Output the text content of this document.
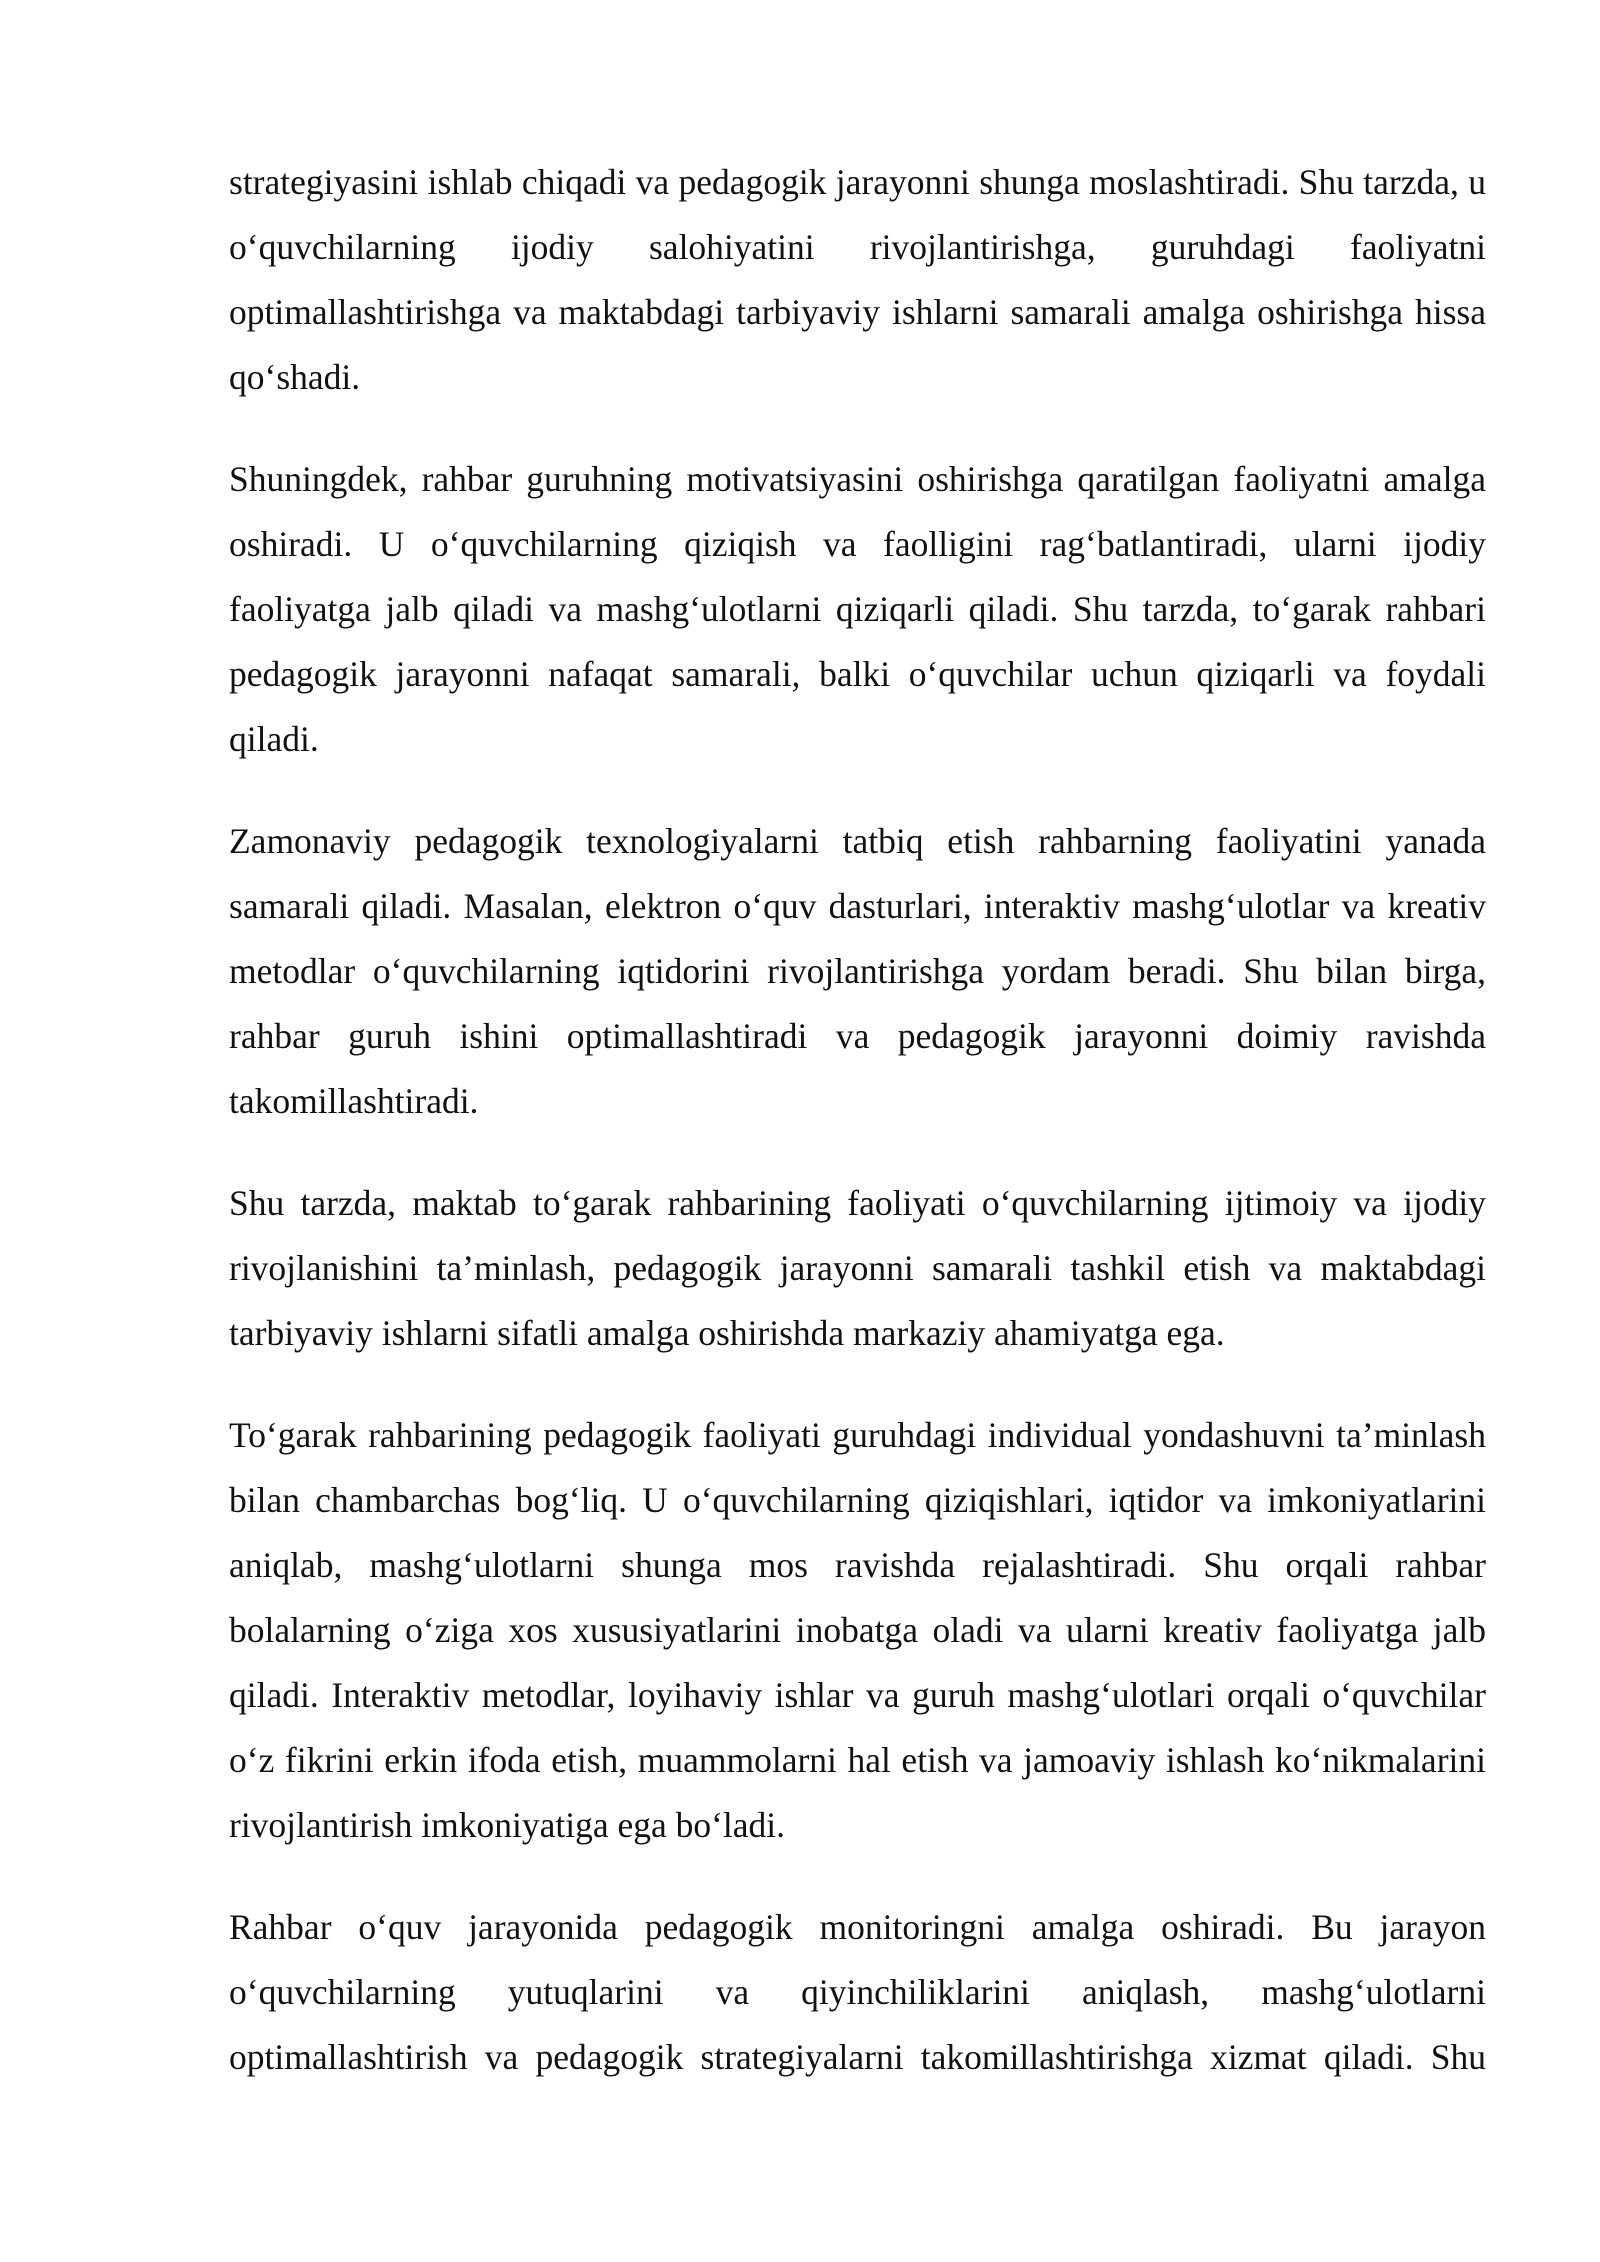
strategiyasini ishlab chiqadi va pedagogik jarayonni shunga moslashtiradi. Shu tarzda, u o‘quvchilarning ijodiy salohiyatini rivojlantirishga, guruhdagi faoliyatni optimallashtirishga va maktabdagi tarbiyaviy ishlarni samarali amalga oshirishga hissa qo‘shadi.

Shuningdek, rahbar guruhning motivatsiyasini oshirishga qaratilgan faoliyatni amalga oshiradi. U o‘quvchilarning qiziqish va faolligini rag‘batlantiradi, ularni ijodiy faoliyatga jalb qiladi va mashg‘ulotlarni qiziqarli qiladi. Shu tarzda, to‘garak rahbari pedagogik jarayonni nafaqat samarali, balki o‘quvchilar uchun qiziqarli va foydali qiladi.

Zamonaviy pedagogik texnologiyalarni tatbiq etish rahbarning faoliyatini yanada samarali qiladi. Masalan, elektron o‘quv dasturlari, interaktiv mashg‘ulotlar va kreativ metodlar o‘quvchilarning iqtidorini rivojlantirishga yordam beradi. Shu bilan birga, rahbar guruh ishini optimallashtiradi va pedagogik jarayonni doimiy ravishda takomillashtiradi.

Shu tarzda, maktab to‘garak rahbarining faoliyati o‘quvchilarning ijtimoiy va ijodiy rivojlanishini ta’minlash, pedagogik jarayonni samarali tashkil etish va maktabdagi tarbiyaviy ishlarni sifatli amalga oshirishda markaziy ahamiyatga ega.

To‘garak rahbarining pedagogik faoliyati guruhdagi individual yondashuvni ta’minlash bilan chambarchas bog‘liq. U o‘quvchilarning qiziqishlari, iqtidor va imkoniyatlarini aniqlab, mashg‘ulotlarni shunga mos ravishda rejalashtiradi. Shu orqali rahbar bolalarning o‘ziga xos xususiyatlarini inobatga oladi va ularni kreativ faoliyatga jalb qiladi. Interaktiv metodlar, loyihaviy ishlar va guruh mashg‘ulotlari orqali o‘quvchilar o‘z fikrini erkin ifoda etish, muammolarni hal etish va jamoaviy ishlash ko‘nikmalarini rivojlantirish imkoniyatiga ega bo‘ladi.

Rahbar o‘quv jarayonida pedagogik monitoringni amalga oshiradi. Bu jarayon o‘quvchilarning yutuqlarini va qiyinchiliklarini aniqlash, mashg‘ulotlarni optimallashtirish va pedagogik strategiyalarni takomillashtirishga xizmat qiladi. Shu
